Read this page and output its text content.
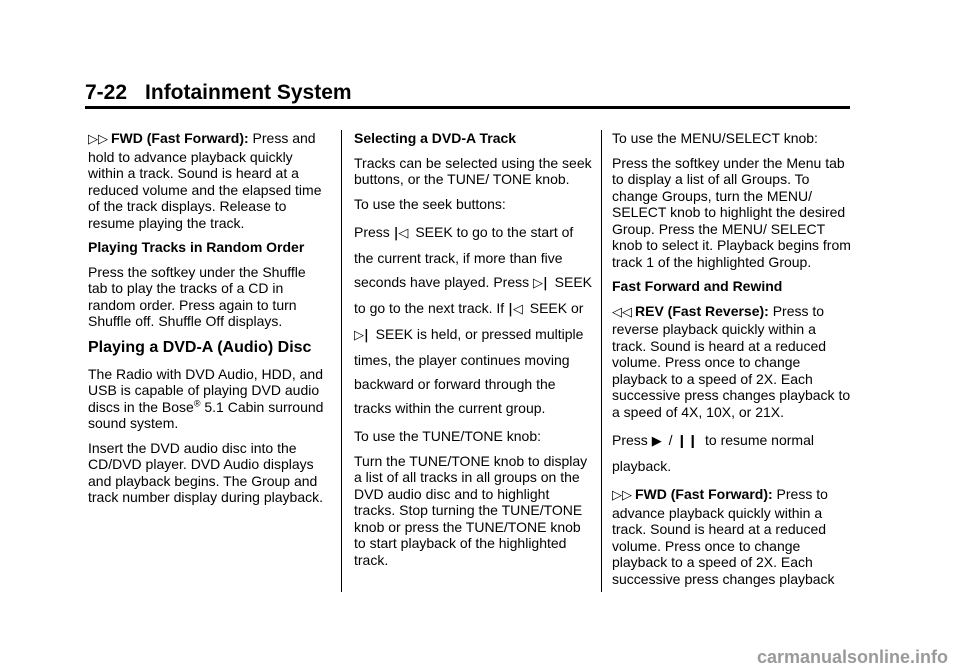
7-22 Infotainment System

▷▷ FWD (Fast Forward): Press and hold to advance playback quickly within a track. Sound is heard at a reduced volume and the elapsed time of the track displays. Release to resume playing the track.

Playing Tracks in Random Order

Press the softkey under the Shuffle tab to play the tracks of a CD in random order. Press again to turn Shuffle off. Shuffle Off displays.

Playing a DVD-A (Audio) Disc

The Radio with DVD Audio, HDD, and USB is capable of playing DVD audio discs in the Bose® 5.1 Cabin surround sound system.

Insert the DVD audio disc into the CD/DVD player. DVD Audio displays and playback begins. The Group and track number display during playback.

Selecting a DVD-A Track

Tracks can be selected using the seek buttons, or the TUNE/ TONE knob.

To use the seek buttons:

Press |◁ SEEK to go to the start of the current track, if more than five seconds have played. Press ▷| SEEK to go to the next track. If |◁ SEEK or ▷| SEEK is held, or pressed multiple times, the player continues moving backward or forward through the tracks within the current group.

To use the TUNE/TONE knob:

Turn the TUNE/TONE knob to display a list of all tracks in all groups on the DVD audio disc and to highlight tracks. Stop turning the TUNE/TONE knob or press the TUNE/TONE knob to start playback of the highlighted track.

To use the MENU/SELECT knob:

Press the softkey under the Menu tab to display a list of all Groups. To change Groups, turn the MENU/ SELECT knob to highlight the desired Group. Press the MENU/ SELECT knob to select it. Playback begins from track 1 of the highlighted Group.

Fast Forward and Rewind

◁◁ REV (Fast Reverse): Press to reverse playback quickly within a track. Sound is heard at a reduced volume. Press once to change playback to a speed of 2X. Each successive press changes playback to a speed of 4X, 10X, or 21X.

Press ▶ / ❙❙ to resume normal playback.

▷▷ FWD (Fast Forward): Press to advance playback quickly within a track. Sound is heard at a reduced volume. Press once to change playback to a speed of 2X. Each successive press changes playback

carmanualsonline.info
